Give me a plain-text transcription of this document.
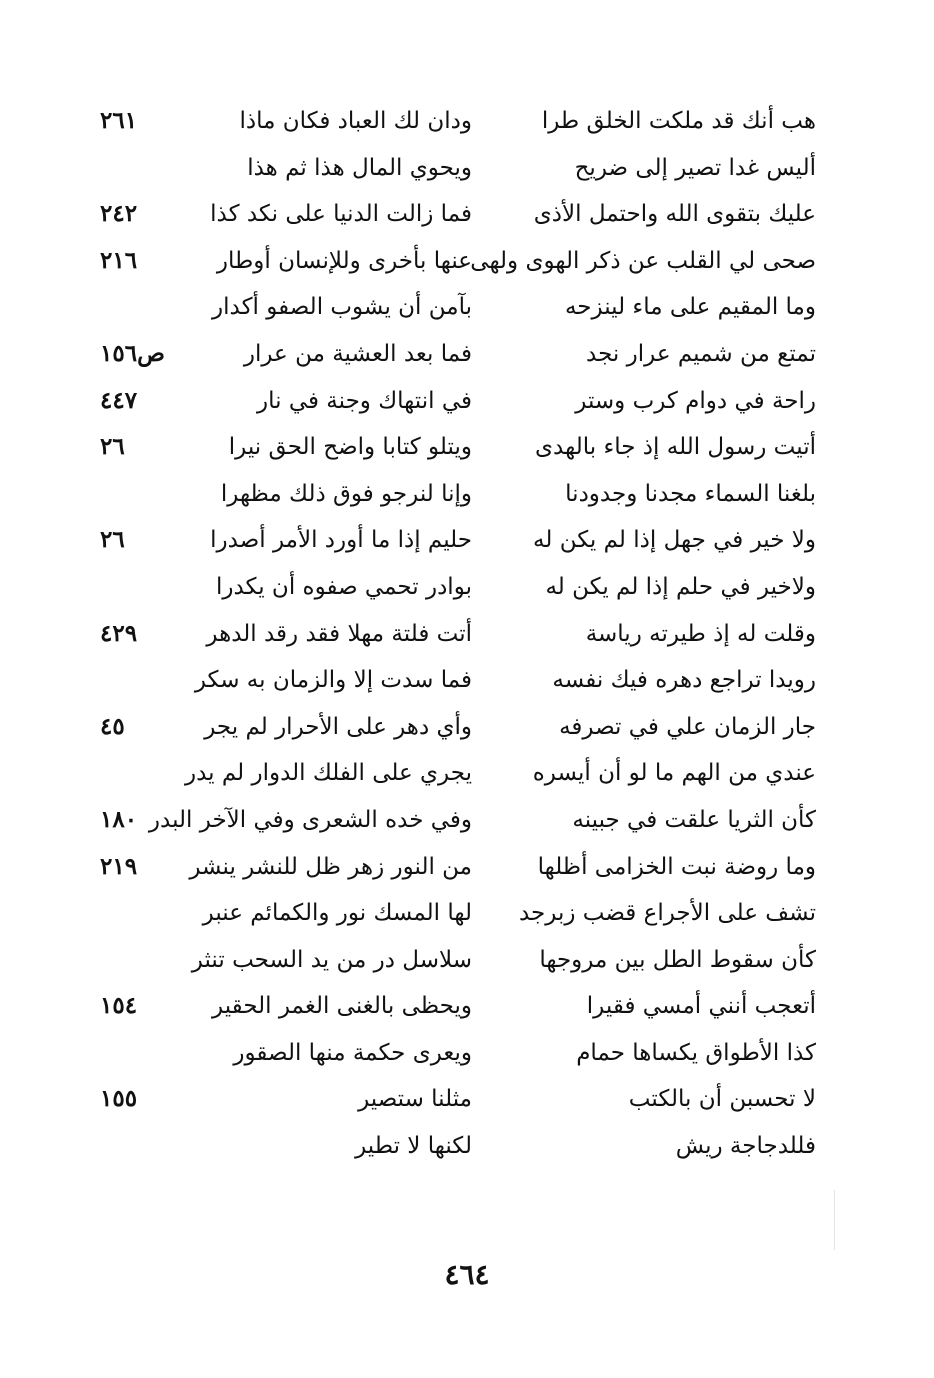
هب أنك قد ملكت الخلق طرا
ودان لك العباد فكان ماذا
٢٦١
أليس غدا تصير إلى ضريح
ويحوي المال هذا ثم هذا
عليك بتقوى الله واحتمل الأذى
فما زالت الدنيا على نكد كذا
٢٤٢
صحى لي القلب عن ذكر الهوى ولهى
عنها بأخرى وللإنسان أوطار
٢١٦
وما المقيم على ماء لينزحه
بآمن أن يشوب الصفو أكدار
تمتع من شميم عرار نجد
فما بعد العشية من عرار
ص١٥٦
راحة في دوام كرب وستر
في انتهاك وجنة في نار
٤٤٧
أتيت رسول الله إذ جاء بالهدى
ويتلو كتابا واضح الحق نيرا
٢٦
بلغنا السماء مجدنا وجدودنا
وإنا لنرجو فوق ذلك مظهرا
ولا خير في جهل إذا لم يكن له
حليم إذا ما أورد الأمر أصدرا
٢٦
ولاخير في حلم إذا لم يكن له
بوادر تحمي صفوه أن يكدرا
وقلت له إذ طيرته رياسة
أتت فلتة مهلا فقد رقد الدهر
٤٢٩
رويدا تراجع دهره فيك نفسه
فما سدت إلا والزمان به سكر
جار الزمان علي في تصرفه
وأي دهر على الأحرار لم يجر
٤٥
عندي من الهم ما لو أن أيسره
يجري على الفلك الدوار لم يدر
كأن الثريا علقت في جبينه
وفي خده الشعرى وفي الآخر البدر
١٨٠
وما روضة نبت الخزامى أظلها
من النور زهر ظل للنشر ينشر
٢١٩
تشف على الأجراع قضب زبرجد
لها المسك نور والكمائم عنبر
كأن سقوط الطل بين مروجها
سلاسل در من يد السحب تنثر
أتعجب أنني أمسي فقيرا
ويحظى بالغنى الغمر الحقير
١٥٤
كذا الأطواق يكساها حمام
ويعرى حكمة منها الصقور
لا تحسبن أن بالكتب
مثلنا ستصير
١٥٥
فللدجاجة ريش
لكنها لا تطير
٤٦٤
